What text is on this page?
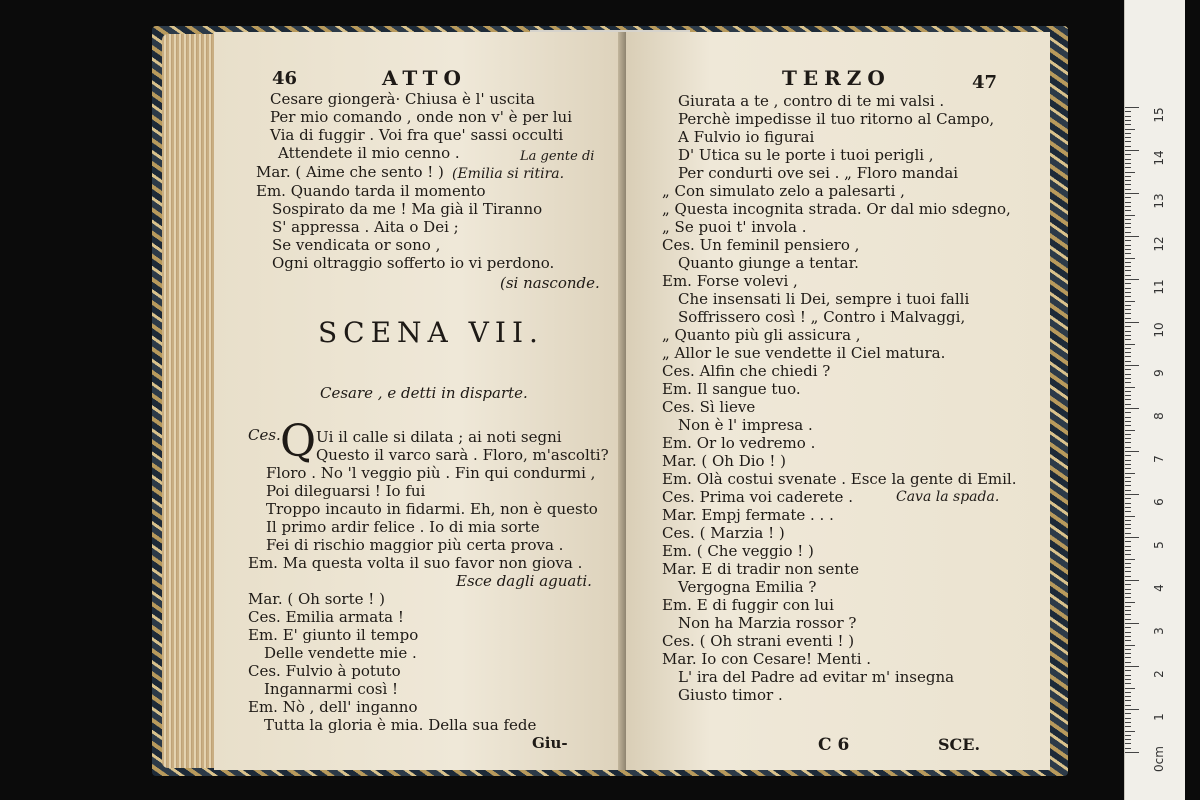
46	ATTO
Cesare giongerà· Chiusa è l' uscita
Per mio comando , onde non v' è per lui
Via di fuggir . Voi fra que' sassi occulti
Attendete il mio cenno .	La gente di
Mar. ( Aime che sento ! ) (Emilia si ritira.
Em. Quando tarda il momento
Sospirato da me ! Ma già il Tiranno
S' appressa . Aita o Dei ;
Se vendicata or sono ,
Ogni oltraggio sofferto io vi perdono.
(si nasconde.
SCENA VII.
Cesare , e detti in disparte.
Ces. Q Ui il calle si dilata ; ai noti segni
Questo il varco sarà . Floro, m'ascolti?
Floro . No 'l veggio più . Fin qui condurmi ,
Poi dileguarsi ! Io fui
Troppo incauto in fidarmi. Eh, non è questo
Il primo ardir felice . Io di mia sorte
Fei di rischio maggior più certa prova .
Em. Ma questa volta il suo favor non giova .
Esce dagli aguati.
Mar. ( Oh sorte ! )
Ces. Emilia armata !
Em. E' giunto il tempo
Delle vendette mie .
Ces. Fulvio à potuto
Ingannarmi così !
Em. Nò , dell' inganno
Tutta la gloria è mia. Della sua fede
Giu-
TERZO	47
Giurata a te , contro di te mi valsi .
Perchè impedisse il tuo ritorno al Campo,
A Fulvio io figurai
D' Utica su le porte i tuoi perigli ,
Per condurti ove sei . „ Floro mandai
„ Con simulato zelo a palesarti ,
„ Questa incognita strada. Or dal mio sdegno,
„ Se puoi t' invola .
Ces. Un feminil pensiero ,
Quanto giunge a tentar.
Em. Forse volevi ,
Che insensati li Dei, sempre i tuoi falli
Soffrissero così ! „ Contro i Malvaggi,
„ Quanto più gli assicura ,
„ Allor le sue vendette il Ciel matura.
Ces. Alfin che chiedi ?
Em. Il sangue tuo.
Ces. Sì lieve
Non è l' impresa .
Em. Or lo vedremo .
Mar. ( Oh Dio ! )
Em. Olà costui svenate . Esce la gente di Emil.
Ces. Prima voi caderete .	Cava la spada.
Mar. Empj fermate . . .
Ces. ( Marzia ! )
Em. ( Che veggio ! )
Mar. E di tradir non sente
Vergogna Emilia ?
Em. E di fuggir con lui
Non ha Marzia rossor ?
Ces. ( Oh strani eventi ! )
Mar. Io con Cesare! Menti .
L' ira del Padre ad evitar m' insegna
Giusto timor .
C 6	SCE.
0cm
1
2
3
4
5
6
7
8
9
10
11
12
13
14
15
